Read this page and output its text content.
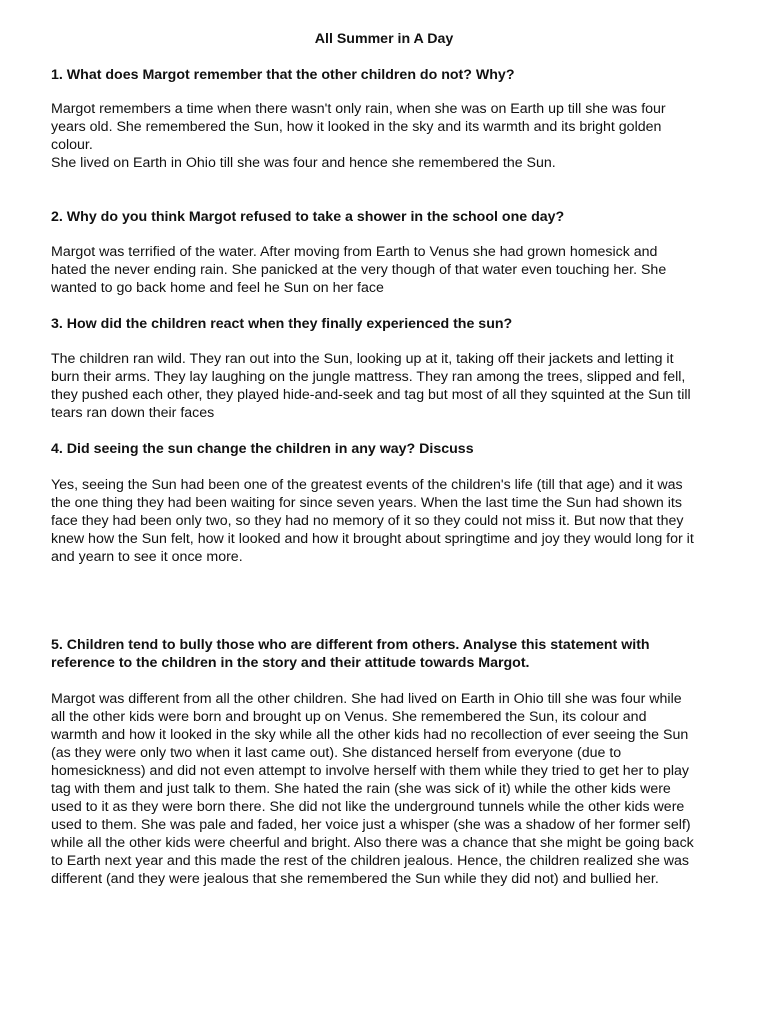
All Summer in A Day

1. What does Margot remember that the other children do not? Why?

Margot remembers a time when there wasn't only rain, when she was on Earth up till she was four
years old. She remembered the Sun, how it looked in the sky and its warmth and its bright golden
colour.
She lived on Earth in Ohio till she was four and hence she remembered the Sun.

2. Why do you think Margot refused to take a shower in the school one day?

Margot was terrified of the water. After moving from Earth to Venus she had grown homesick and
hated the never ending rain. She panicked at the very though of that water even touching her. She
wanted to go back home and feel he Sun on her face

3. How did the children react when they finally experienced the sun?

The children ran wild. They ran out into the Sun, looking up at it, taking off their jackets and letting it
burn their arms. They lay laughing on the jungle mattress. They ran among the trees, slipped and fell,
they pushed each other, they played hide-and-seek and tag but most of all they squinted at the Sun till
tears ran down their faces

4. Did seeing the sun change the children in any way? Discuss

Yes, seeing the Sun had been one of the greatest events of the children's life (till that age) and it was
the one thing they had been waiting for since seven years. When the last time the Sun had shown its
face they had been only two, so they had no memory of it so they could not miss it. But now that they
knew how the Sun felt, how it looked and how it brought about springtime and joy they would long for it
and yearn to see it once more.
5. Children tend to bully those who are different from others. Analyse this statement with
reference to the children in the story and their attitude towards Margot.
Margot was different from all the other children. She had lived on Earth in Ohio till she was four while
all the other kids were born and brought up on Venus. She remembered the Sun, its colour and
warmth and how it looked in the sky while all the other kids had no recollection of ever seeing the Sun
(as they were only two when it last came out). She distanced herself from everyone (due to
homesickness) and did not even attempt to involve herself with them while they tried to get her to play
tag with them and just talk to them. She hated the rain (she was sick of it) while the other kids were
used to it as they were born there. She did not like the underground tunnels while the other kids were
used to them. She was pale and faded, her voice just a whisper (she was a shadow of her former self)
while all the other kids were cheerful and bright. Also there was a chance that she might be going back
to Earth next year and this made the rest of the children jealous. Hence, the children realized she was
different (and they were jealous that she remembered the Sun while they did not) and bullied her.
